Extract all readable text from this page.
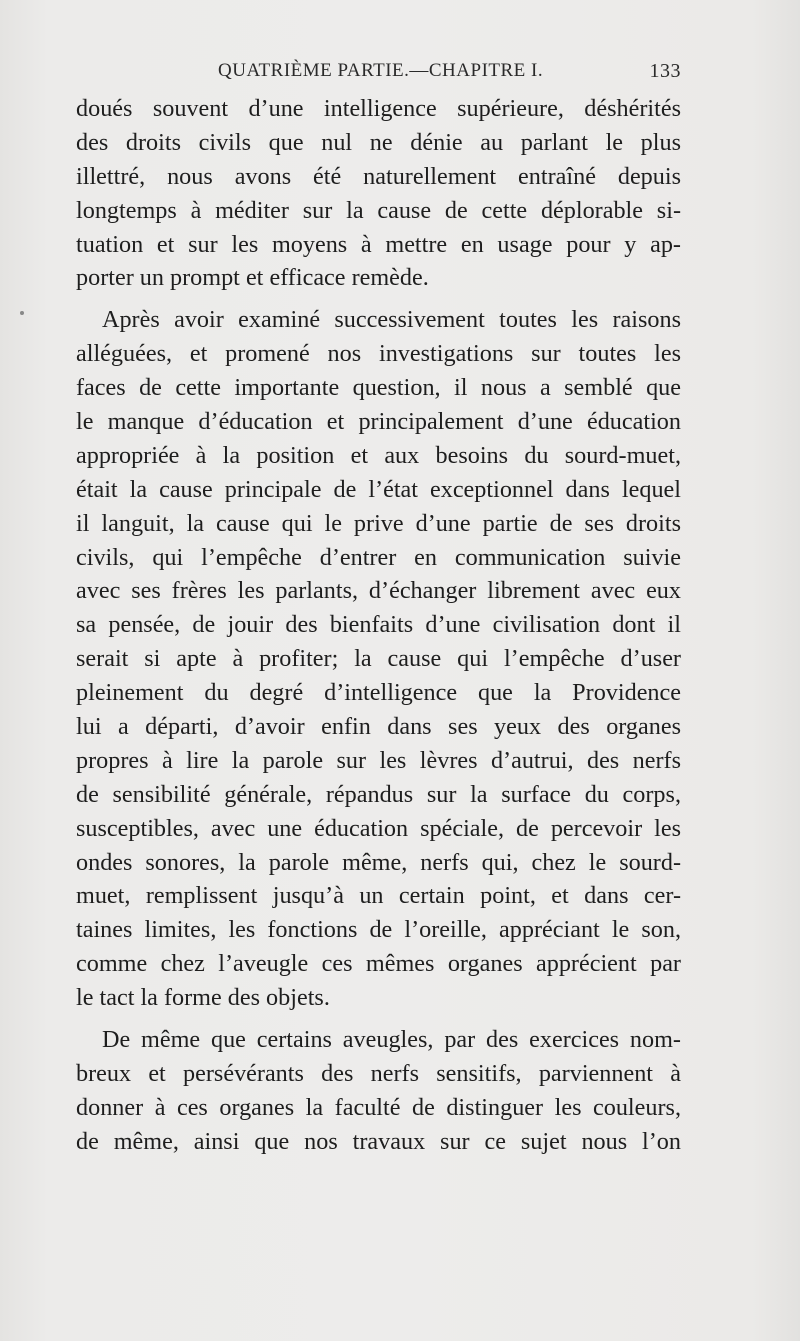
QUATRIÈME PARTIE.—CHAPITRE I.	133
doués souvent d’une intelligence supérieure, déshérités
des droits civils que nul ne dénie au parlant le plus
illettré, nous avons été naturellement entraîné depuis
longtemps à méditer sur la cause de cette déplorable si-
tuation et sur les moyens à mettre en usage pour y ap-
porter un prompt et efficace remède.
Après avoir examiné successivement toutes les raisons
alléguées, et promené nos investigations sur toutes les
faces de cette importante question, il nous a semblé que
le manque d’éducation et principalement d’une éducation
appropriée à la position et aux besoins du sourd-muet,
était la cause principale de l’état exceptionnel dans lequel
il languit, la cause qui le prive d’une partie de ses droits
civils, qui l’empêche d’entrer en communication suivie
avec ses frères les parlants, d’échanger librement avec eux
sa pensée, de jouir des bienfaits d’une civilisation dont il
serait si apte à profiter; la cause qui l’empêche d’user
pleinement du degré d’intelligence que la Providence
lui a départi, d’avoir enfin dans ses yeux des organes
propres à lire la parole sur les lèvres d’autrui, des nerfs
de sensibilité générale, répandus sur la surface du corps,
susceptibles, avec une éducation spéciale, de percevoir les
ondes sonores, la parole même, nerfs qui, chez le sourd-
muet, remplissent jusqu’à un certain point, et dans cer-
taines limites, les fonctions de l’oreille, appréciant le son,
comme chez l’aveugle ces mêmes organes apprécient par
le tact la forme des objets.
De même que certains aveugles, par des exercices nom-
breux et persévérants des nerfs sensitifs, parviennent à
donner à ces organes la faculté de distinguer les couleurs,
de même, ainsi que nos travaux sur ce sujet nous l’on
